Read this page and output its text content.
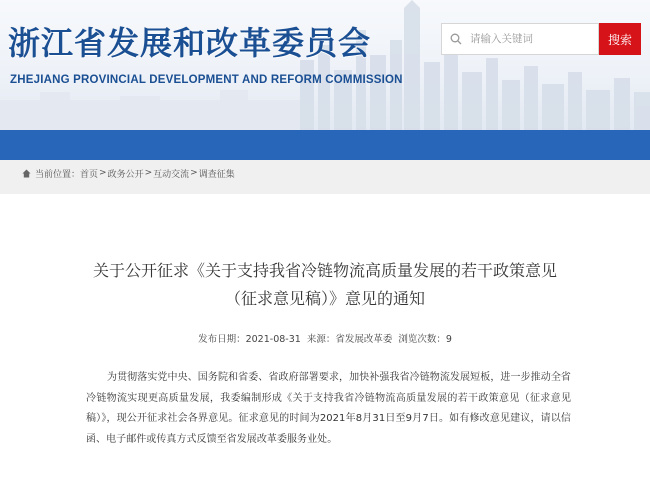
浙江省发展和改革委员会
ZHEJIANG PROVINCIAL DEVELOPMENT AND REFORM COMMISSION
请输入关键词
搜索
当前位置： 首页 > 政务公开 > 互动交流 > 调查征集
关于公开征求《关于支持我省冷链物流高质量发展的若干政策意见（征求意见稿）》意见的通知
发布日期：2021-08-31 来源：省发展改革委 浏览次数：9
为贯彻落实党中央、国务院和省委、省政府部署要求，加快补强我省冷链物流发展短板，进一步推动全省冷链物流实现更高质量发展，我委编制形成《关于支持我省冷链物流高质量发展的若干政策意见（征求意见稿）》，现公开征求社会各界意见。征求意见的时间为2021年8月31日至9月7日。如有修改意见建议，请以信函、电子邮件或传真方式反馈至省发展改革委服务业处。
